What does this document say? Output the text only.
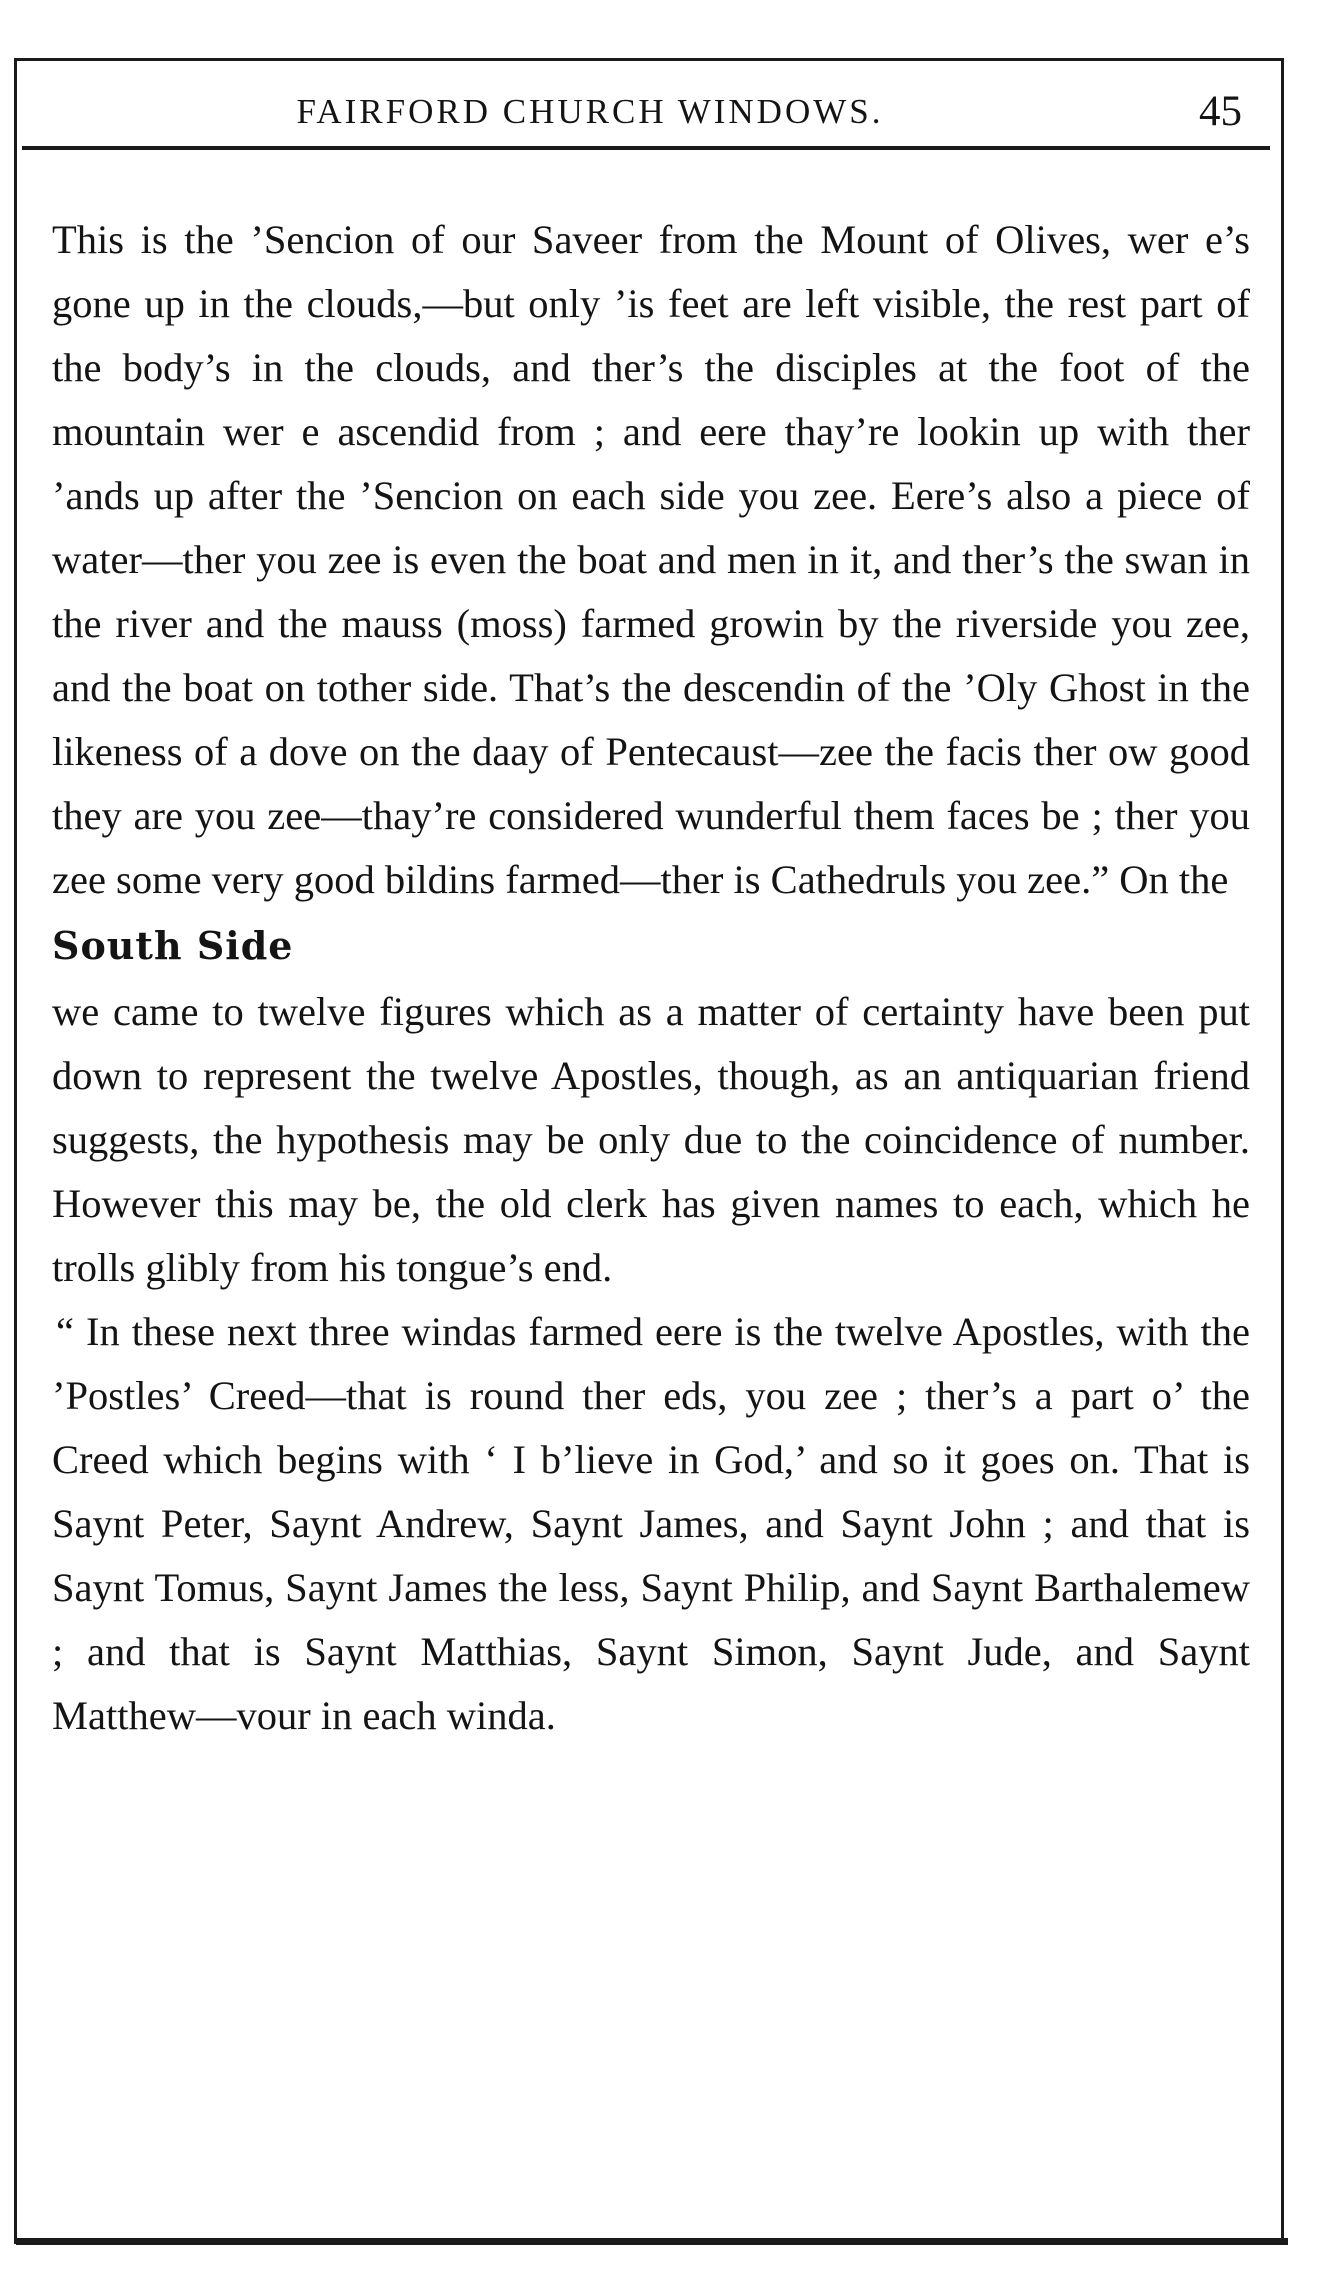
FAIRFORD CHURCH WINDOWS.	45

This is the ’Sencion of our Saveer from the Mount of Olives, wer e’s gone up in the clouds,—but only ’is feet are left visible, the rest part of the body’s in the clouds, and ther’s the disciples at the foot of the mountain wer e ascendid from ; and eere thay’re lookin up with ther ’ands up after the ’Sencion on each side you zee. Eere’s also a piece of water—ther you zee is even the boat and men in it, and ther’s the swan in the river and the mauss (moss) farmed growin by the riverside you zee, and the boat on tother side. That’s the descendin of the ’Oly Ghost in the likeness of a dove on the daay of Pentecaust—zee the facis ther ow good they are you zee—thay’re considered wunderful them faces be ; ther you zee some very good bildins farmed—ther is Cathedruls you zee.” On the

South Side

we came to twelve figures which as a matter of certainty have been put down to represent the twelve Apostles, though, as an antiquarian friend suggests, the hypothesis may be only due to the coincidence of number. However this may be, the old clerk has given names to each, which he trolls glibly from his tongue’s end.

“ In these next three windas farmed eere is the twelve Apostles, with the ’Postles’ Creed—that is round ther eds, you zee ; ther’s a part o’ the Creed which begins with ‘ I b’lieve in God,’ and so it goes on. That is Saynt Peter, Saynt Andrew, Saynt James, and Saynt John ; and that is Saynt Tomus, Saynt James the less, Saynt Philip, and Saynt Barthalemew ; and that is Saynt Matthias, Saynt Simon, Saynt Jude, and Saynt Matthew—vour in each winda.
